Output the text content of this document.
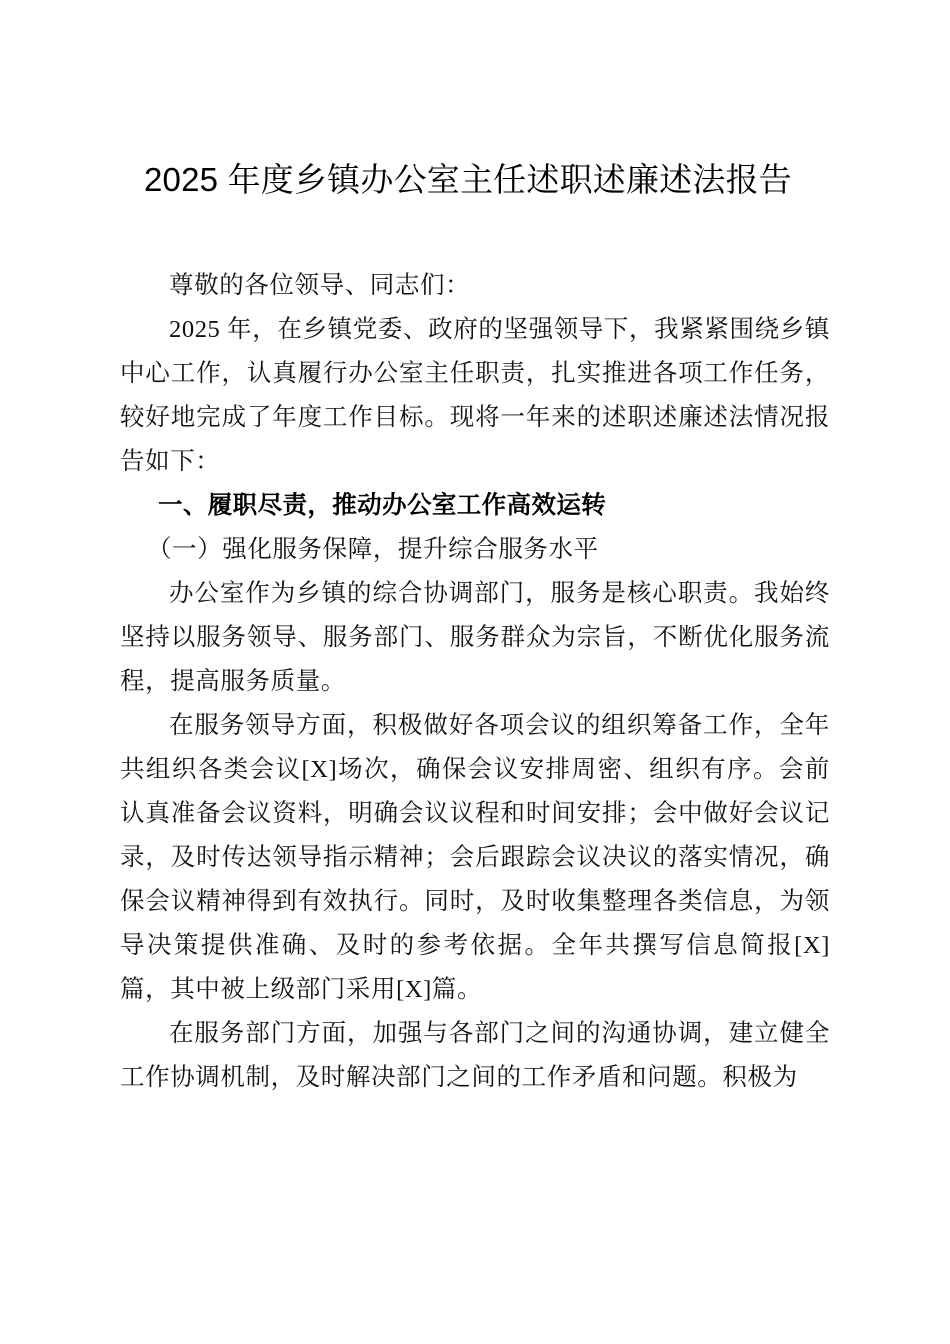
2025 年度乡镇办公室主任述职述廉述法报告

尊敬的各位领导、同志们：

2025 年，在乡镇党委、政府的坚强领导下，我紧紧围绕乡镇中心工作，认真履行办公室主任职责，扎实推进各项工作任务，较好地完成了年度工作目标。现将一年来的述职述廉述法情况报告如下：

一、履职尽责，推动办公室工作高效运转

（一）强化服务保障，提升综合服务水平

办公室作为乡镇的综合协调部门，服务是核心职责。我始终坚持以服务领导、服务部门、服务群众为宗旨，不断优化服务流程，提高服务质量。

在服务领导方面，积极做好各项会议的组织筹备工作，全年共组织各类会议[X]场次，确保会议安排周密、组织有序。会前认真准备会议资料，明确会议议程和时间安排；会中做好会议记录，及时传达领导指示精神；会后跟踪会议决议的落实情况，确保会议精神得到有效执行。同时，及时收集整理各类信息，为领导决策提供准确、及时的参考依据。全年共撰写信息简报[X]篇，其中被上级部门采用[X]篇。

在服务部门方面，加强与各部门之间的沟通协调，建立健全工作协调机制，及时解决部门之间的工作矛盾和问题。积极为
